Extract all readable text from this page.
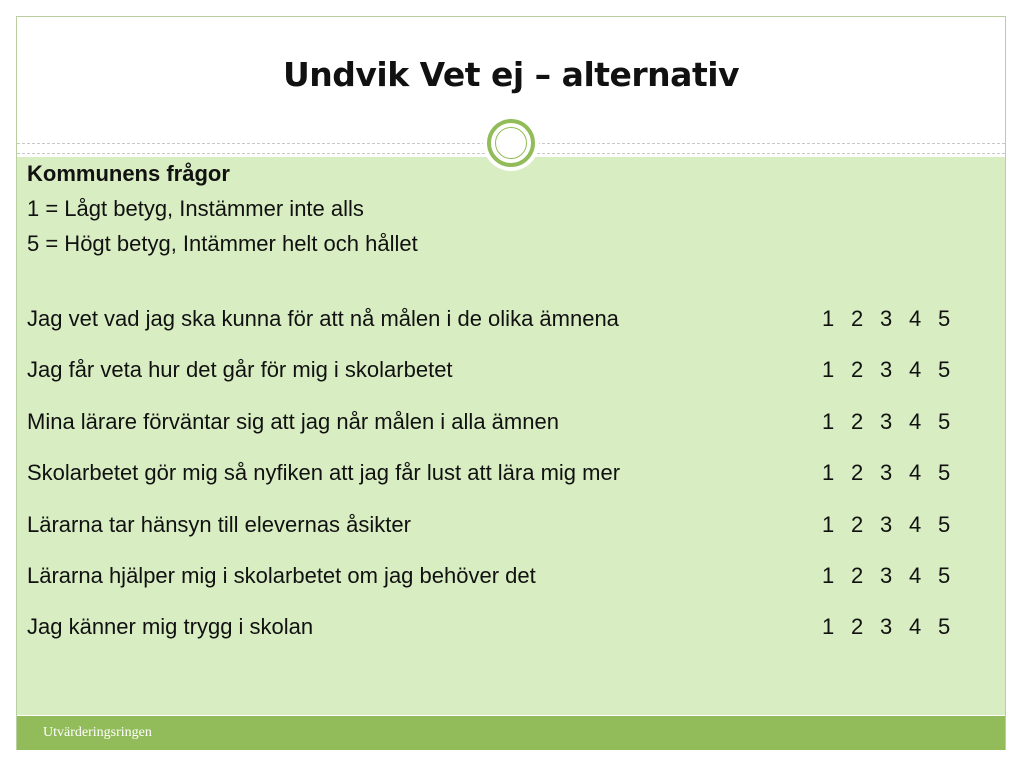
Undvik Vet ej – alternativ
Utvärderingsringen
Kommunens frågor
1 = Lågt betyg, Instämmer inte alls
5 = Högt betyg, Intämmer helt och hållet
Jag vet vad jag ska kunna för att nå målen i de olika ämnena	1 2 3 4 5
Jag får veta hur det går för mig i skolarbetet	1 2 3 4 5
Mina lärare förväntar sig att jag når målen i alla ämnen	1 2 3 4 5
Skolarbetet gör mig så nyfiken att jag får lust att lära mig mer	1 2 3 4 5
Lärarna tar hänsyn till elevernas åsikter	1 2 3 4 5
Lärarna hjälper mig i skolarbetet om jag behöver det	1 2 3 4 5
Jag känner mig trygg i skolan	1 2 3 4 5
